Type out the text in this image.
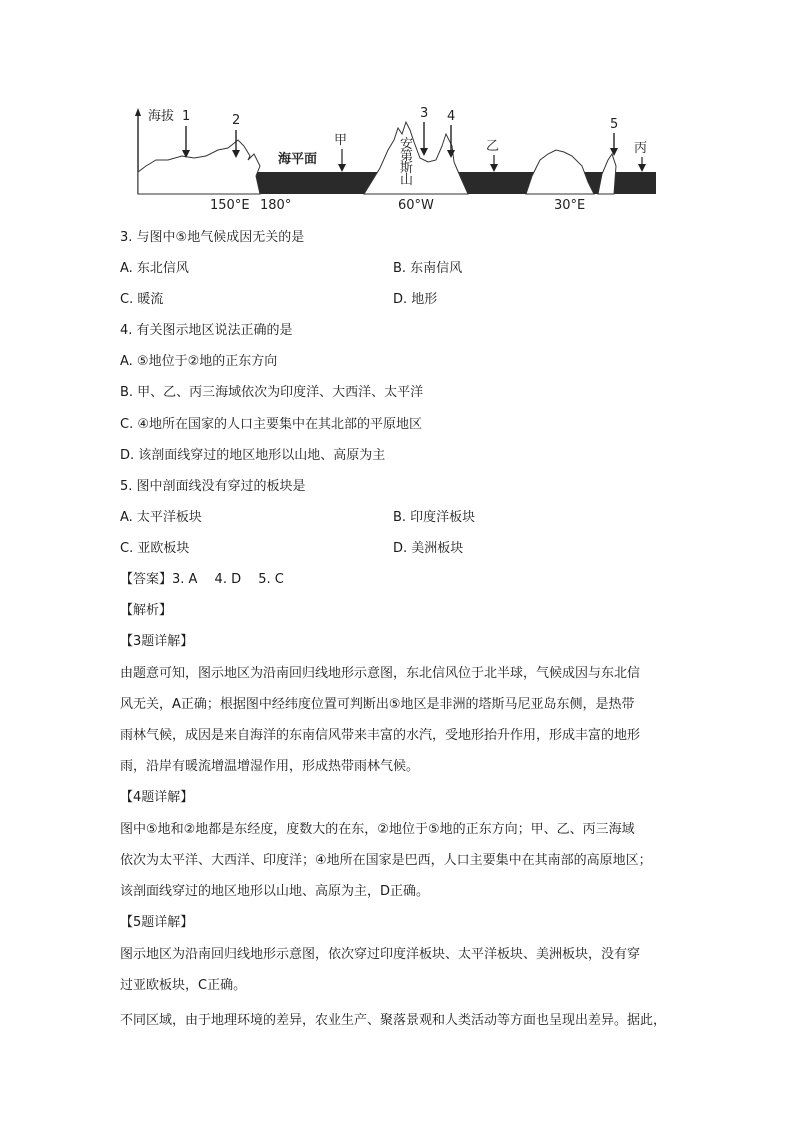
海拔
安
第
斯
山
海平面
1	2	3 4
5
甲	乙	丙
150°E 180°	60°W	30°E
3. 与图中⑤地气候成因无关的是
A. 东北信风	B. 东南信风
C. 暖流	D. 地形
4. 有关图示地区说法正确的是
A. ⑤地位于②地的正东方向
B. 甲、乙、丙三海域依次为印度洋、大西洋、太平洋
C. ④地所在国家的人口主要集中在其北部的平原地区
D. 该剖面线穿过的地区地形以山地、高原为主
5. 图中剖面线没有穿过的板块是
A. 太平洋板块	B. 印度洋板块
C. 亚欧板块	D. 美洲板块
【答案】3. A　 4. D　 5. C
【解析】
【3题详解】
由题意可知，图示地区为沿南回归线地形示意图，东北信风位于北半球，气候成因与东北信
风无关，A正确；根据图中经纬度位置可判断出⑤地区是非洲的塔斯马尼亚岛东侧，是热带
雨林气候，成因是来自海洋的东南信风带来丰富的水汽，受地形抬升作用，形成丰富的地形
雨，沿岸有暖流增温增湿作用，形成热带雨林气候。
【4题详解】
图中⑤地和②地都是东经度，度数大的在东，②地位于⑤地的正东方向；甲、乙、丙三海域
依次为太平洋、大西洋、印度洋；④地所在国家是巴西，人口主要集中在其南部的高原地区；
该剖面线穿过的地区地形以山地、高原为主，D正确。
【5题详解】
图示地区为沿南回归线地形示意图，依次穿过印度洋板块、太平洋板块、美洲板块，没有穿
过亚欧板块，C正确。
不同区域，由于地理环境的差异，农业生产、聚落景观和人类活动等方面也呈现出差异。据此，
